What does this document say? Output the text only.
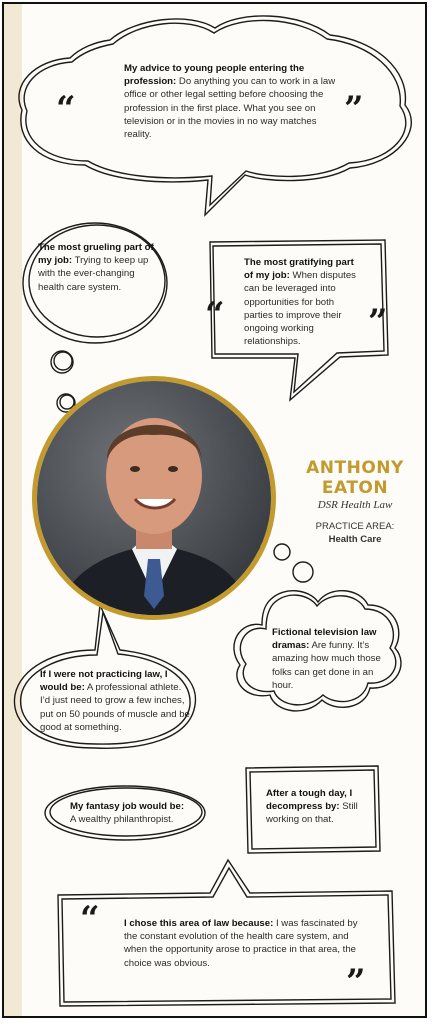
“	”
“	”
“
”
My advice to young people entering the profession: Do anything you can to work in a law office or other legal setting before choosing the profession in the first place. What you see on television or in the movies in no way matches reality.
The most grueling part of my job: Trying to keep up with the ever-changing health care system.
The most gratifying part of my job: When disputes can be leveraged into opportunities for both parties to improve their ongoing working relationships.
ANTHONY
EATON
DSR Health Law
PRACTICE AREA:
Health Care
Fictional television law dramas: Are funny. It’s amazing how much those folks can get done in an hour.
If I were not practicing law, I would be: A professional athlete. I’d just need to grow a few inches, put on 50 pounds of muscle and be good at something.
My fantasy job would be: A wealthy philanthropist.
After a tough day, I decompress by: Still working on that.
I chose this area of law because: I was fascinated by the constant evolution of the health care system, and when the opportunity arose to practice in that area, the choice was obvious.
